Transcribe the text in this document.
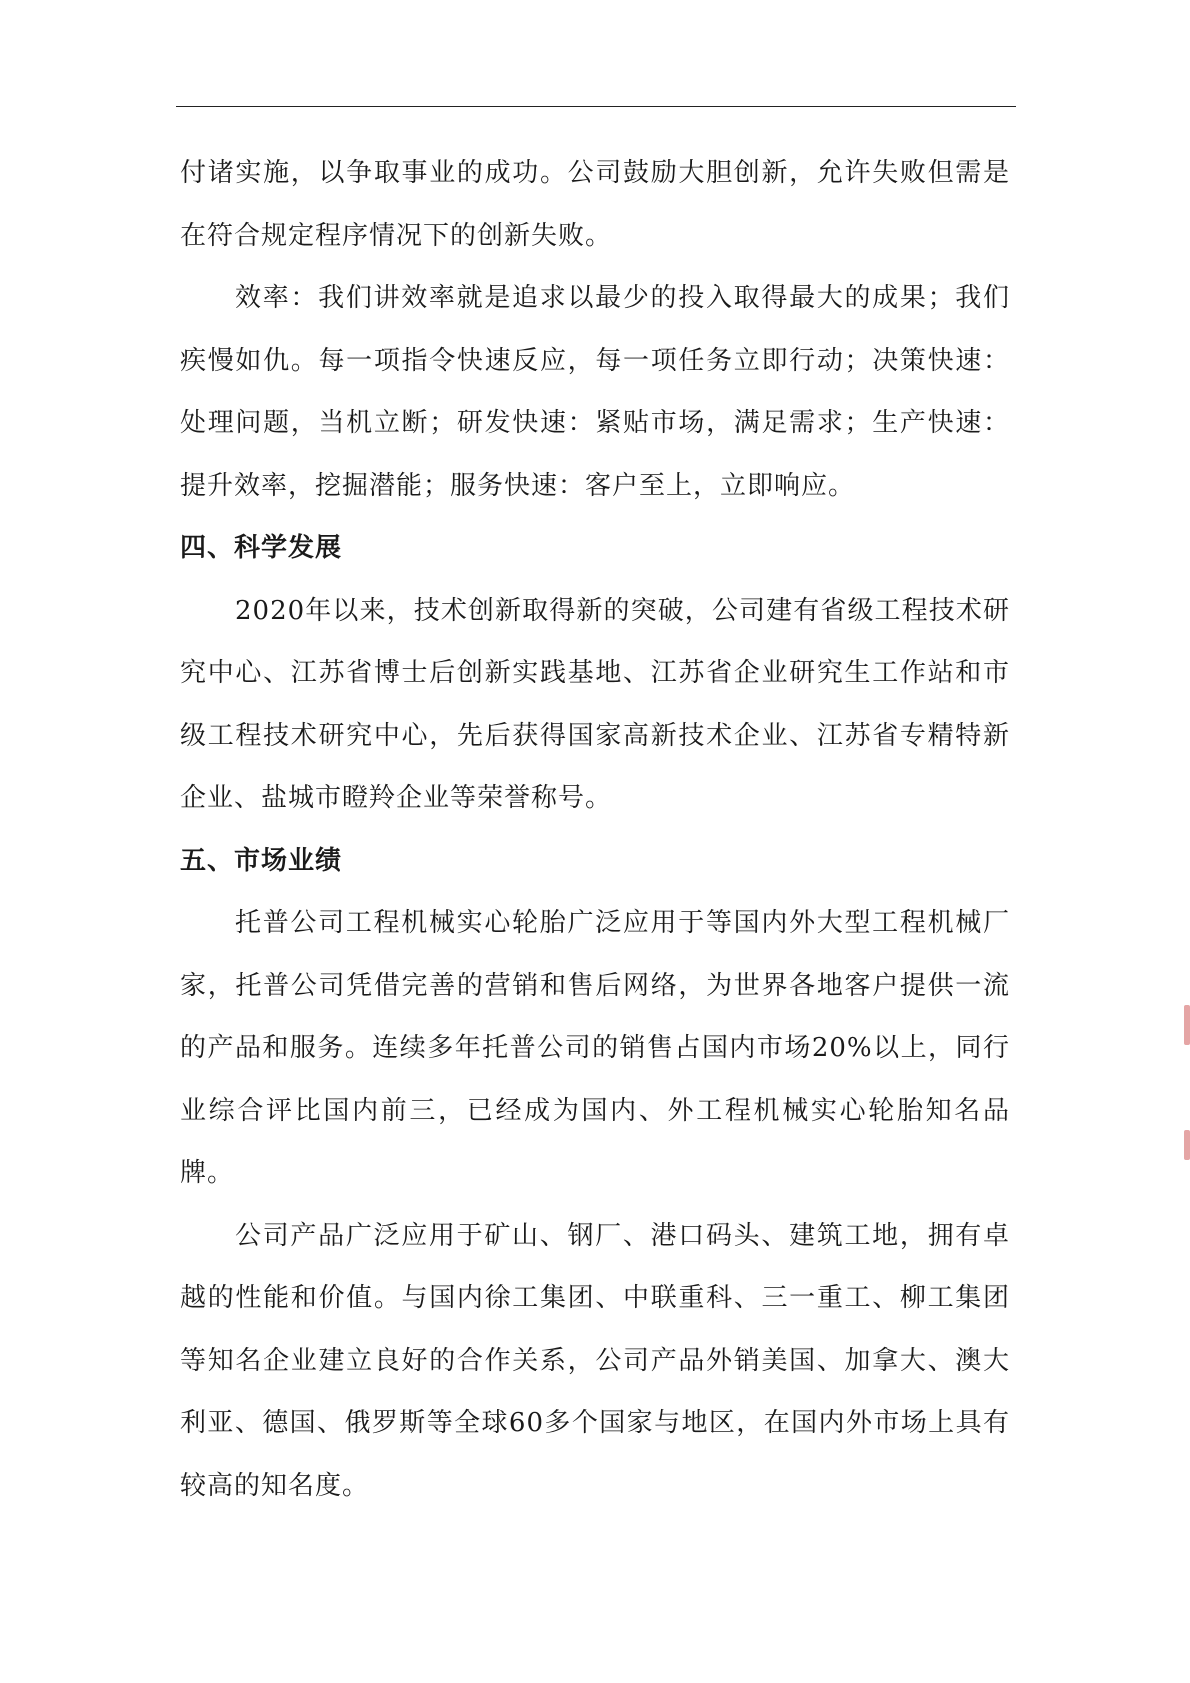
付诸实施，以争取事业的成功。公司鼓励大胆创新，允许失败但需是在符合规定程序情况下的创新失败。

效率：我们讲效率就是追求以最少的投入取得最大的成果；我们疾慢如仇。每一项指令快速反应，每一项任务立即行动；决策快速：处理问题，当机立断；研发快速：紧贴市场，满足需求；生产快速：提升效率，挖掘潜能；服务快速：客户至上，立即响应。

四、科学发展

2020年以来，技术创新取得新的突破，公司建有省级工程技术研究中心、江苏省博士后创新实践基地、江苏省企业研究生工作站和市级工程技术研究中心，先后获得国家高新技术企业、江苏省专精特新企业、盐城市瞪羚企业等荣誉称号。

五、市场业绩

托普公司工程机械实心轮胎广泛应用于等国内外大型工程机械厂家，托普公司凭借完善的营销和售后网络，为世界各地客户提供一流的产品和服务。连续多年托普公司的销售占国内市场20%以上，同行业综合评比国内前三，已经成为国内、外工程机械实心轮胎知名品牌。

公司产品广泛应用于矿山、钢厂、港口码头、建筑工地，拥有卓越的性能和价值。与国内徐工集团、中联重科、三一重工、柳工集团等知名企业建立良好的合作关系，公司产品外销美国、加拿大、澳大利亚、德国、俄罗斯等全球60多个国家与地区，在国内外市场上具有较高的知名度。
